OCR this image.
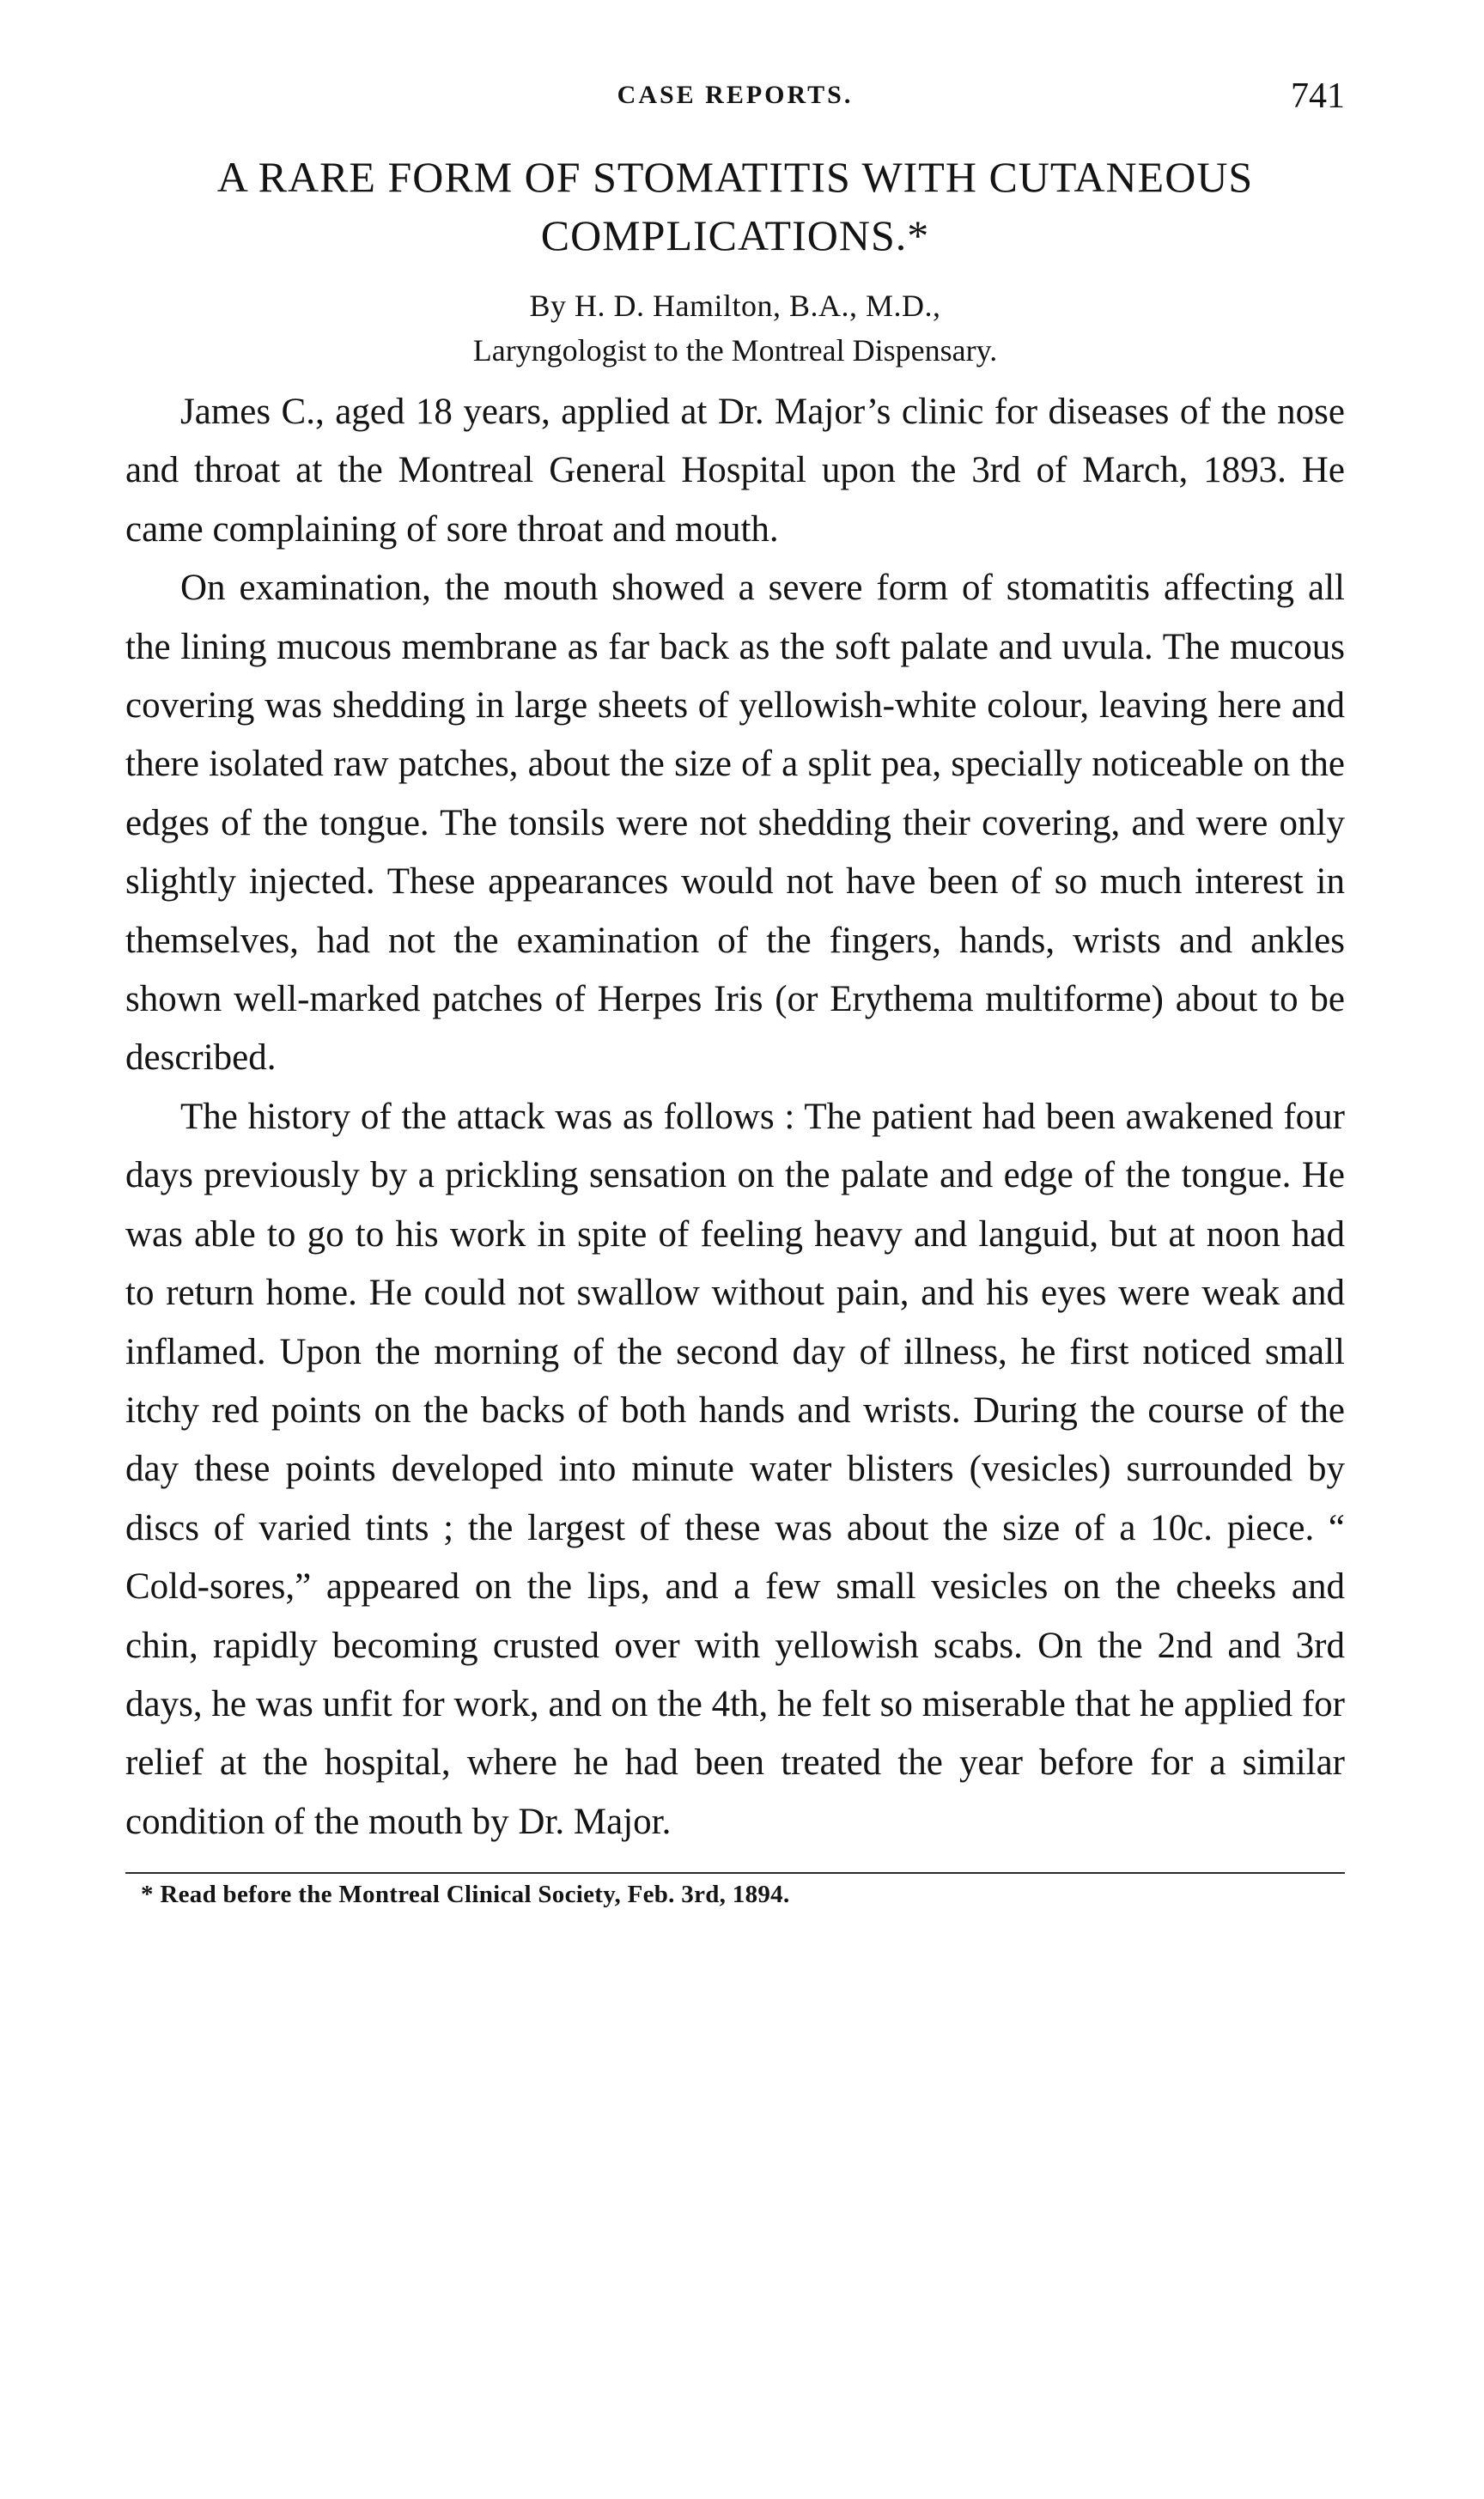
CASE REPORTS.	741
A RARE FORM OF STOMATITIS WITH CUTANEOUS
COMPLICATIONS.*
By H. D. Hamilton, B.A., M.D.,
Laryngologist to the Montreal Dispensary.

James C., aged 18 years, applied at Dr. Major’s clinic for diseases of the nose and throat at the Montreal General Hospital upon the 3rd of March, 1893. He came complaining of sore throat and mouth.

On examination, the mouth showed a severe form of stomatitis affecting all the lining mucous membrane as far back as the soft palate and uvula. The mucous covering was shedding in large sheets of yellowish-white colour, leaving here and there isolated raw patches, about the size of a split pea, specially noticeable on the edges of the tongue. The tonsils were not shedding their covering, and were only slightly injected. These appearances would not have been of so much interest in themselves, had not the examination of the fingers, hands, wrists and ankles shown well-marked patches of Herpes Iris (or Erythema multiforme) about to be described.

The history of the attack was as follows : The patient had been awakened four days previously by a prickling sensation on the palate and edge of the tongue. He was able to go to his work in spite of feeling heavy and languid, but at noon had to return home. He could not swallow without pain, and his eyes were weak and inflamed. Upon the morning of the second day of illness, he first noticed small itchy red points on the backs of both hands and wrists. During the course of the day these points developed into minute water blisters (vesicles) surrounded by discs of varied tints ; the largest of these was about the size of a 10c. piece. “ Cold-sores,” appeared on the lips, and a few small vesicles on the cheeks and chin, rapidly becoming crusted over with yellowish scabs. On the 2nd and 3rd days, he was unfit for work, and on the 4th, he felt so miserable that he applied for relief at the hospital, where he had been treated the year before for a similar condition of the mouth by Dr. Major.

* Read before the Montreal Clinical Society, Feb. 3rd, 1894.
